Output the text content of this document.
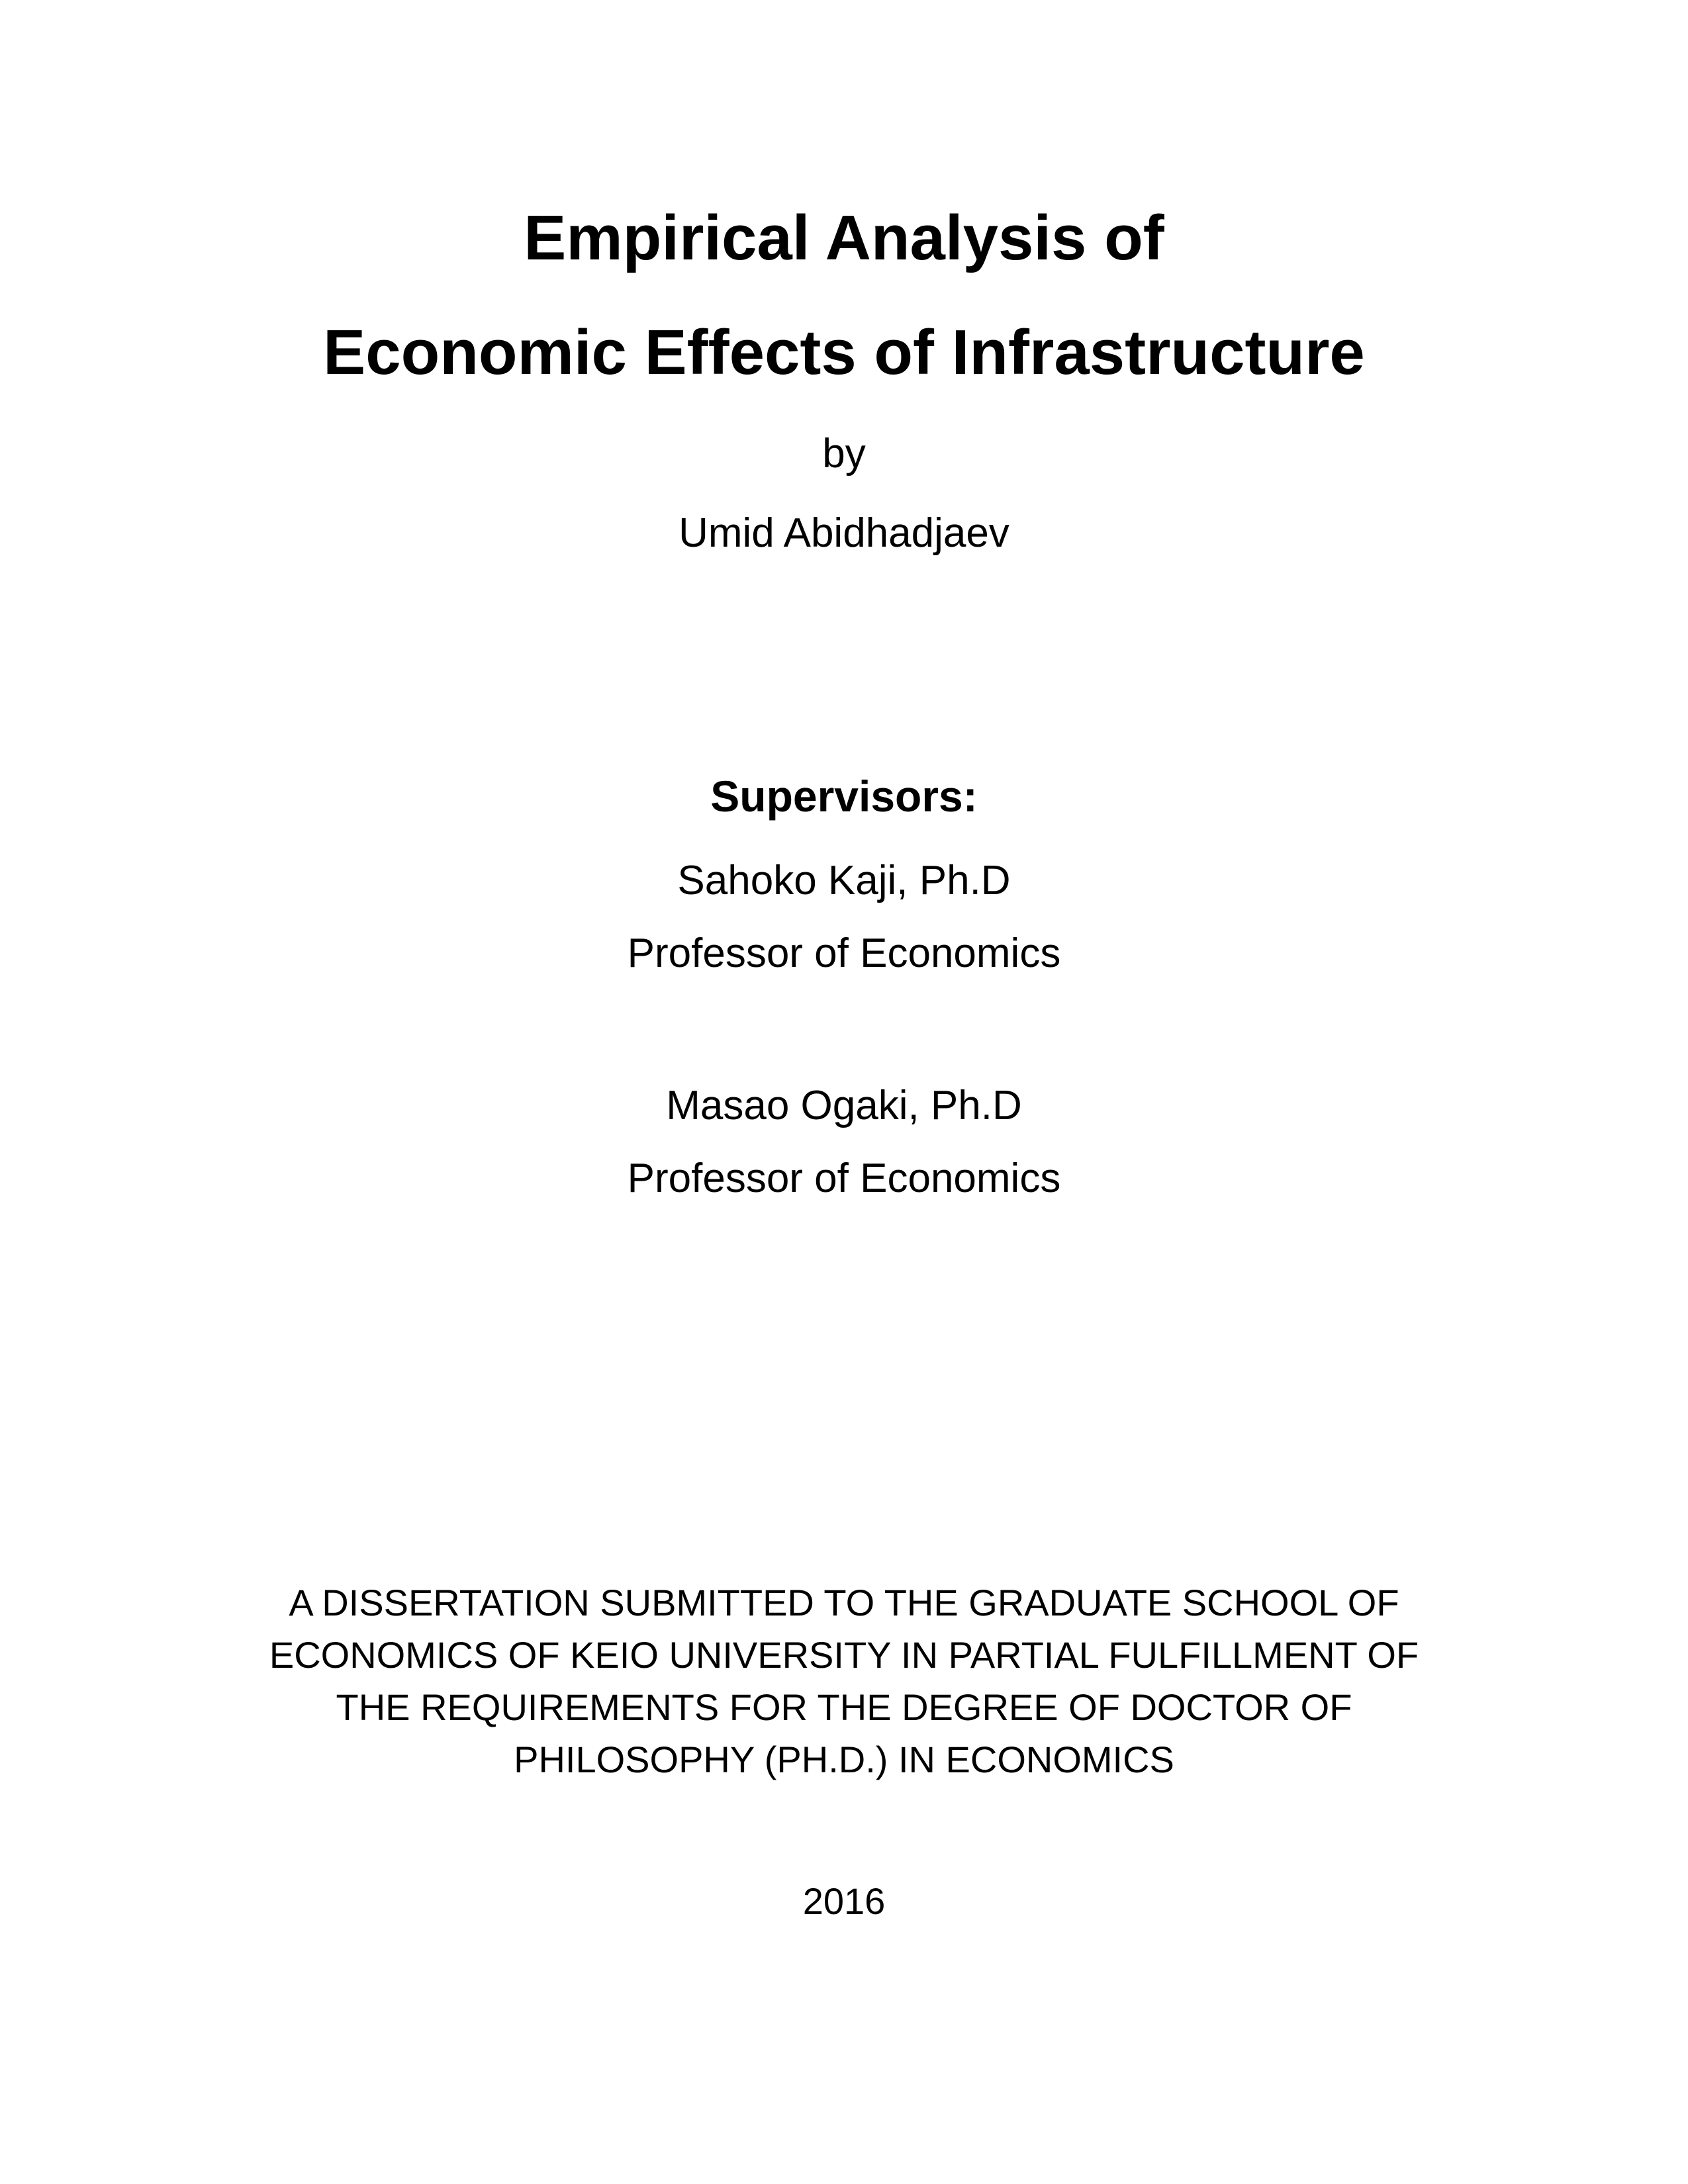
Empirical Analysis of
Economic Effects of Infrastructure
by
Umid Abidhadjaev
Supervisors:
Sahoko Kaji, Ph.D
Professor of Economics
Masao Ogaki, Ph.D
Professor of Economics
A DISSERTATION SUBMITTED TO THE GRADUATE SCHOOL OF
ECONOMICS OF KEIO UNIVERSITY IN PARTIAL FULFILLMENT OF
THE REQUIREMENTS FOR THE DEGREE OF DOCTOR OF
PHILOSOPHY (PH.D.) IN ECONOMICS
2016
